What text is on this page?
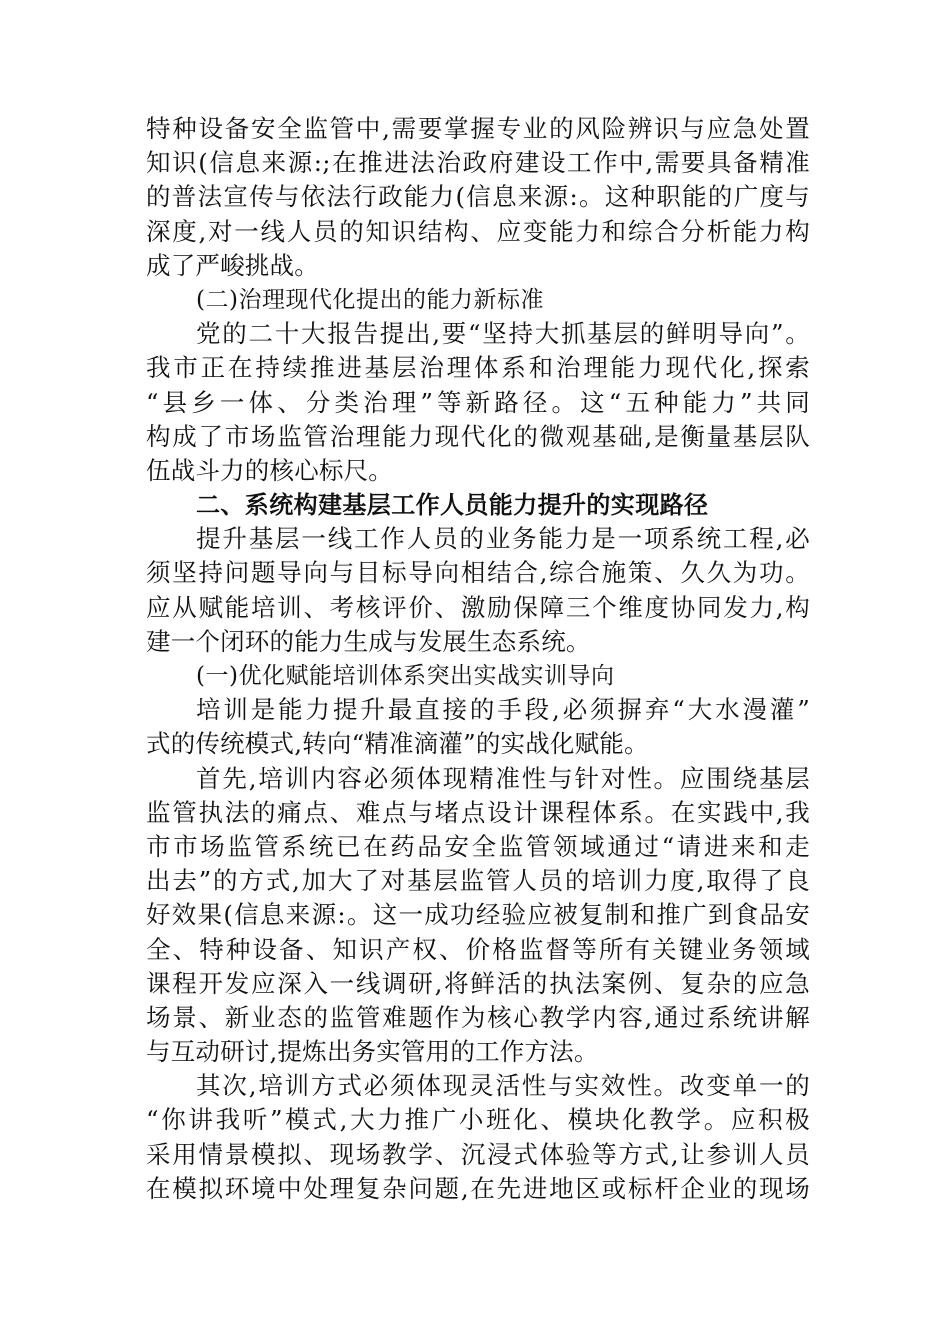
特种设备安全监管中,需要掌握专业的风险辨识与应急处置
知识(信息来源:;在推进法治政府建设工作中,需要具备精准
的普法宣传与依法行政能力(信息来源:。这种职能的广度与
深度,对一线人员的知识结构、应变能力和综合分析能力构
成了严峻挑战。
(二)治理现代化提出的能力新标准
党的二十大报告提出,要“坚持大抓基层的鲜明导向”。
我市正在持续推进基层治理体系和治理能力现代化,探索
“县乡一体、分类治理”等新路径。这“五种能力”共同
构成了市场监管治理能力现代化的微观基础,是衡量基层队
伍战斗力的核心标尺。
二、系统构建基层工作人员能力提升的实现路径
提升基层一线工作人员的业务能力是一项系统工程,必
须坚持问题导向与目标导向相结合,综合施策、久久为功。
应从赋能培训、考核评价、激励保障三个维度协同发力,构
建一个闭环的能力生成与发展生态系统。
(一)优化赋能培训体系突出实战实训导向
培训是能力提升最直接的手段,必须摒弃“大水漫灌”
式的传统模式,转向“精准滴灌”的实战化赋能。
首先,培训内容必须体现精准性与针对性。应围绕基层
监管执法的痛点、难点与堵点设计课程体系。在实践中,我
市市场监管系统已在药品安全监管领域通过“请进来和走
出去”的方式,加大了对基层监管人员的培训力度,取得了良
好效果(信息来源:。这一成功经验应被复制和推广到食品安
全、特种设备、知识产权、价格监督等所有关键业务领域
课程开发应深入一线调研,将鲜活的执法案例、复杂的应急
场景、新业态的监管难题作为核心教学内容,通过系统讲解
与互动研讨,提炼出务实管用的工作方法。
其次,培训方式必须体现灵活性与实效性。改变单一的
“你讲我听”模式,大力推广小班化、模块化教学。应积极
采用情景模拟、现场教学、沉浸式体验等方式,让参训人员
在模拟环境中处理复杂问题,在先进地区或标杆企业的现场
